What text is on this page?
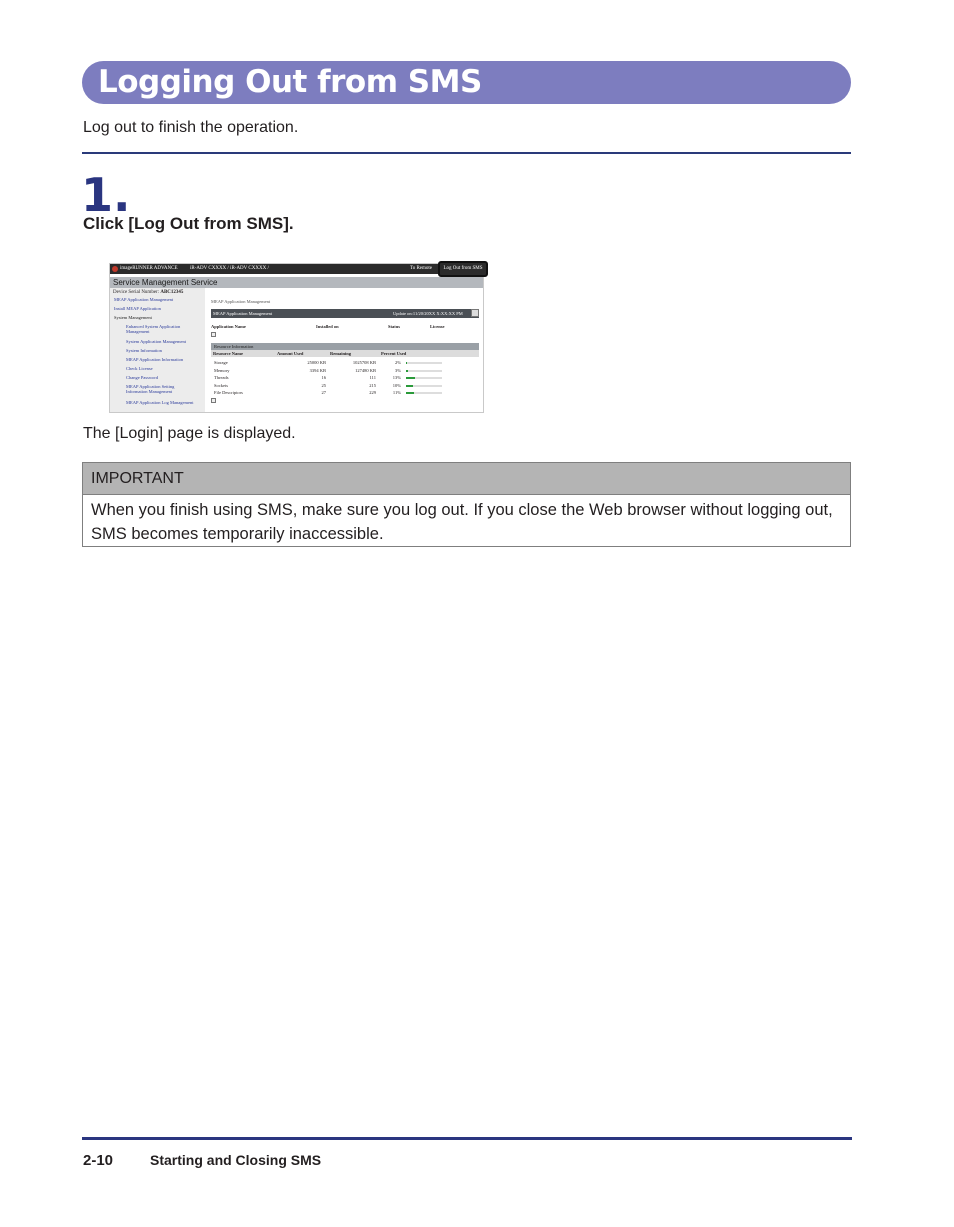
Logging Out from SMS
Log out to finish the operation.
1.
Click [Log Out from SMS].
imageRUNNER ADVANCE iR-ADV CXXXX / iR-ADV CXXXX /	To Remote
Service Management Service
Device Serial Number: ABC12345
MEAP Application Management
Install MEAP Application
System Management
Enhanced System Application Management
System Application Management
System Information
MEAP Application Information
Check License
Change Password
MEAP Application Setting Information Management
MEAP Application Log Management
MEAP Application Management
MEAP Application Management	Update on:11/20/20XX X:XX:XX PM
Application Name	Installed on	Status	License
Resource Information
Resource Name	Amount Used	Remaining	Percent Used
Storage	25000 KB	1025708 KB	2%
Memory	3394 KB	127480 KB	3%
Threads	16	111	13%
Sockets	25	215	10%
File Descriptors	27	229	11%
Log Out from SMS
The [Login] page is displayed.
IMPORTANT
When you finish using SMS, make sure you log out. If you close the Web browser without logging out, SMS becomes temporarily inaccessible.
2-10	Starting and Closing SMS
